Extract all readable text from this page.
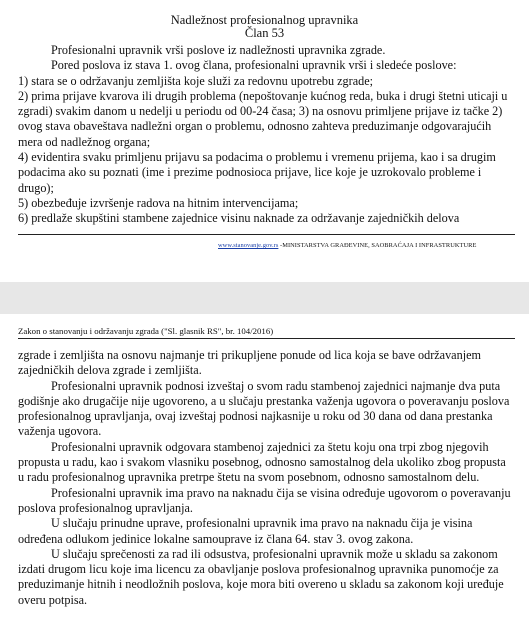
Nadležnost profesionalnog upravnika
Član 53

Profesionalni upravnik vrši poslove iz nadležnosti upravnika zgrade.

Pored poslova iz stava 1. ovog člana, profesionalni upravnik vrši i sledeće poslove:

1) stara se o održavanju zemljišta koje služi za redovnu upotrebu zgrade;

2) prima prijave kvarova ili drugih problema (nepoštovanje kućnog reda, buka i drugi štetni uticaji u zgradi) svakim danom u nedelji u periodu od 00-24 časa; 3) na osnovu primljene prijave iz tačke 2) ovog stava obaveštava nadležni organ o problemu, odnosno zahteva preduzimanje odgovarajućih mera od nadležnog organa;

4) evidentira svaku primljenu prijavu sa podacima o problemu i vremenu prijema, kao i sa drugim podacima ako su poznati (ime i prezime podnosioca prijave, lice koje je uzrokovalo probleme i drugo);

5) obezbeđuje izvršenje radova na hitnim intervencijama;

6) predlaže skupštini stambene zajednice visinu naknade za održavanje zajedničkih delova

www.stanovanje.gov.rs -MINISTARSTVA GRAĐEVINE, SAOBRAĆAJA I INFRASTRUKTURE
Zakon o stanovanju i održavanju zgrada ("Sl. glasnik RS", br. 104/2016)

zgrade i zemljišta na osnovu najmanje tri prikupljene ponude od lica koja se bave održavanjem zajedničkih delova zgrade i zemljišta.

Profesionalni upravnik podnosi izveštaj o svom radu stambenoj zajednici najmanje dva puta godišnje ako drugačije nije ugovoreno, a u slučaju prestanka važenja ugovora o poveravanju poslova profesionalnog upravljanja, ovaj izveštaj podnosi najkasnije u roku od 30 dana od dana prestanka važenja ugovora.

Profesionalni upravnik odgovara stambenoj zajednici za štetu koju ona trpi zbog njegovih propusta u radu, kao i svakom vlasniku posebnog, odnosno samostalnog dela ukoliko zbog propusta u radu profesionalnog upravnika pretrpe štetu na svom posebnom, odnosno samostalnom delu.

Profesionalni upravnik ima pravo na naknadu čija se visina određuje ugovorom o poveravanju poslova profesionalnog upravljanja.

U slučaju prinudne uprave, profesionalni upravnik ima pravo na naknadu čija je visina određena odlukom jedinice lokalne samouprave iz člana 64. stav 3. ovog zakona.

U slučaju sprečenosti za rad ili odsustva, profesionalni upravnik može u skladu sa zakonom izdati drugom licu koje ima licencu za obavljanje poslova profesionalnog upravnika punomoćje za preduzimanje hitnih i neodložnih poslova, koje mora biti overeno u skladu sa zakonom koji uređuje overu potpisa.
